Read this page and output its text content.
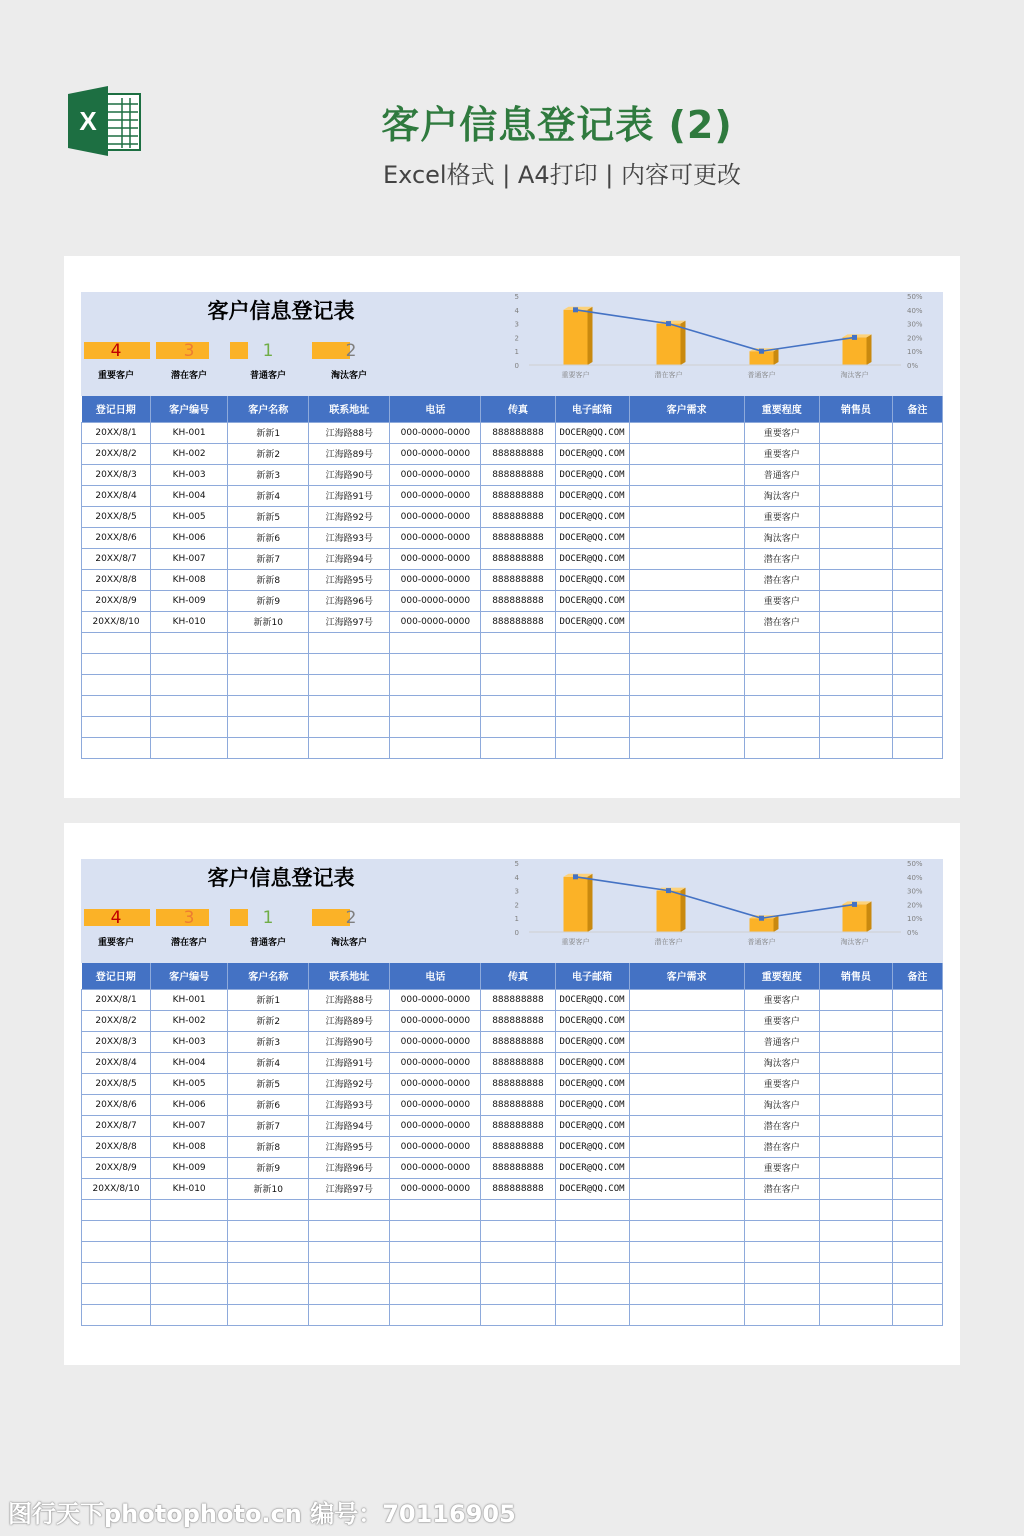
X	客户信息登记表 (2)
Excel格式 | A4打印 | 内容可更改
客户信息登记表
4
重要客户
3
潜在客户
1
普通客户
2
淘汰客户
0
1
2
3
4
5
0%
10%
20%
30%
40%
50%
重要客户	潜在客户	普通客户	淘汰客户
登记日期	客户编号	客户名称	联系地址	电话	传真	电子邮箱	客户需求	重要程度	销售员	备注
20XX/8/1	KH-001	新新1	江海路88号	000-0000-0000	888888888	DOCER@QQ.COM		重要客户		
20XX/8/2	KH-002	新新2	江海路89号	000-0000-0000	888888888	DOCER@QQ.COM		重要客户		
20XX/8/3	KH-003	新新3	江海路90号	000-0000-0000	888888888	DOCER@QQ.COM		普通客户		
20XX/8/4	KH-004	新新4	江海路91号	000-0000-0000	888888888	DOCER@QQ.COM		淘汰客户		
20XX/8/5	KH-005	新新5	江海路92号	000-0000-0000	888888888	DOCER@QQ.COM		重要客户		
20XX/8/6	KH-006	新新6	江海路93号	000-0000-0000	888888888	DOCER@QQ.COM		淘汰客户		
20XX/8/7	KH-007	新新7	江海路94号	000-0000-0000	888888888	DOCER@QQ.COM		潜在客户		
20XX/8/8	KH-008	新新8	江海路95号	000-0000-0000	888888888	DOCER@QQ.COM		潜在客户		
20XX/8/9	KH-009	新新9	江海路96号	000-0000-0000	888888888	DOCER@QQ.COM		重要客户		
20XX/8/10	KH-010	新新10	江海路97号	000-0000-0000	888888888	DOCER@QQ.COM		潜在客户		

客户信息登记表
4
重要客户
3
潜在客户
1
普通客户
2
淘汰客户
0
1
2
3
4
5
0%
10%
20%
30%
40%
50%
重要客户	潜在客户	普通客户	淘汰客户
登记日期	客户编号	客户名称	联系地址	电话	传真	电子邮箱	客户需求	重要程度	销售员	备注
20XX/8/1	KH-001	新新1	江海路88号	000-0000-0000	888888888	DOCER@QQ.COM		重要客户		
20XX/8/2	KH-002	新新2	江海路89号	000-0000-0000	888888888	DOCER@QQ.COM		重要客户		
20XX/8/3	KH-003	新新3	江海路90号	000-0000-0000	888888888	DOCER@QQ.COM		普通客户		
20XX/8/4	KH-004	新新4	江海路91号	000-0000-0000	888888888	DOCER@QQ.COM		淘汰客户		
20XX/8/5	KH-005	新新5	江海路92号	000-0000-0000	888888888	DOCER@QQ.COM		重要客户		
20XX/8/6	KH-006	新新6	江海路93号	000-0000-0000	888888888	DOCER@QQ.COM		淘汰客户		
20XX/8/7	KH-007	新新7	江海路94号	000-0000-0000	888888888	DOCER@QQ.COM		潜在客户		
20XX/8/8	KH-008	新新8	江海路95号	000-0000-0000	888888888	DOCER@QQ.COM		潜在客户		
20XX/8/9	KH-009	新新9	江海路96号	000-0000-0000	888888888	DOCER@QQ.COM		重要客户		
20XX/8/10	KH-010	新新10	江海路97号	000-0000-0000	888888888	DOCER@QQ.COM		潜在客户		

图行天下photophoto.cn 编号：70116905
